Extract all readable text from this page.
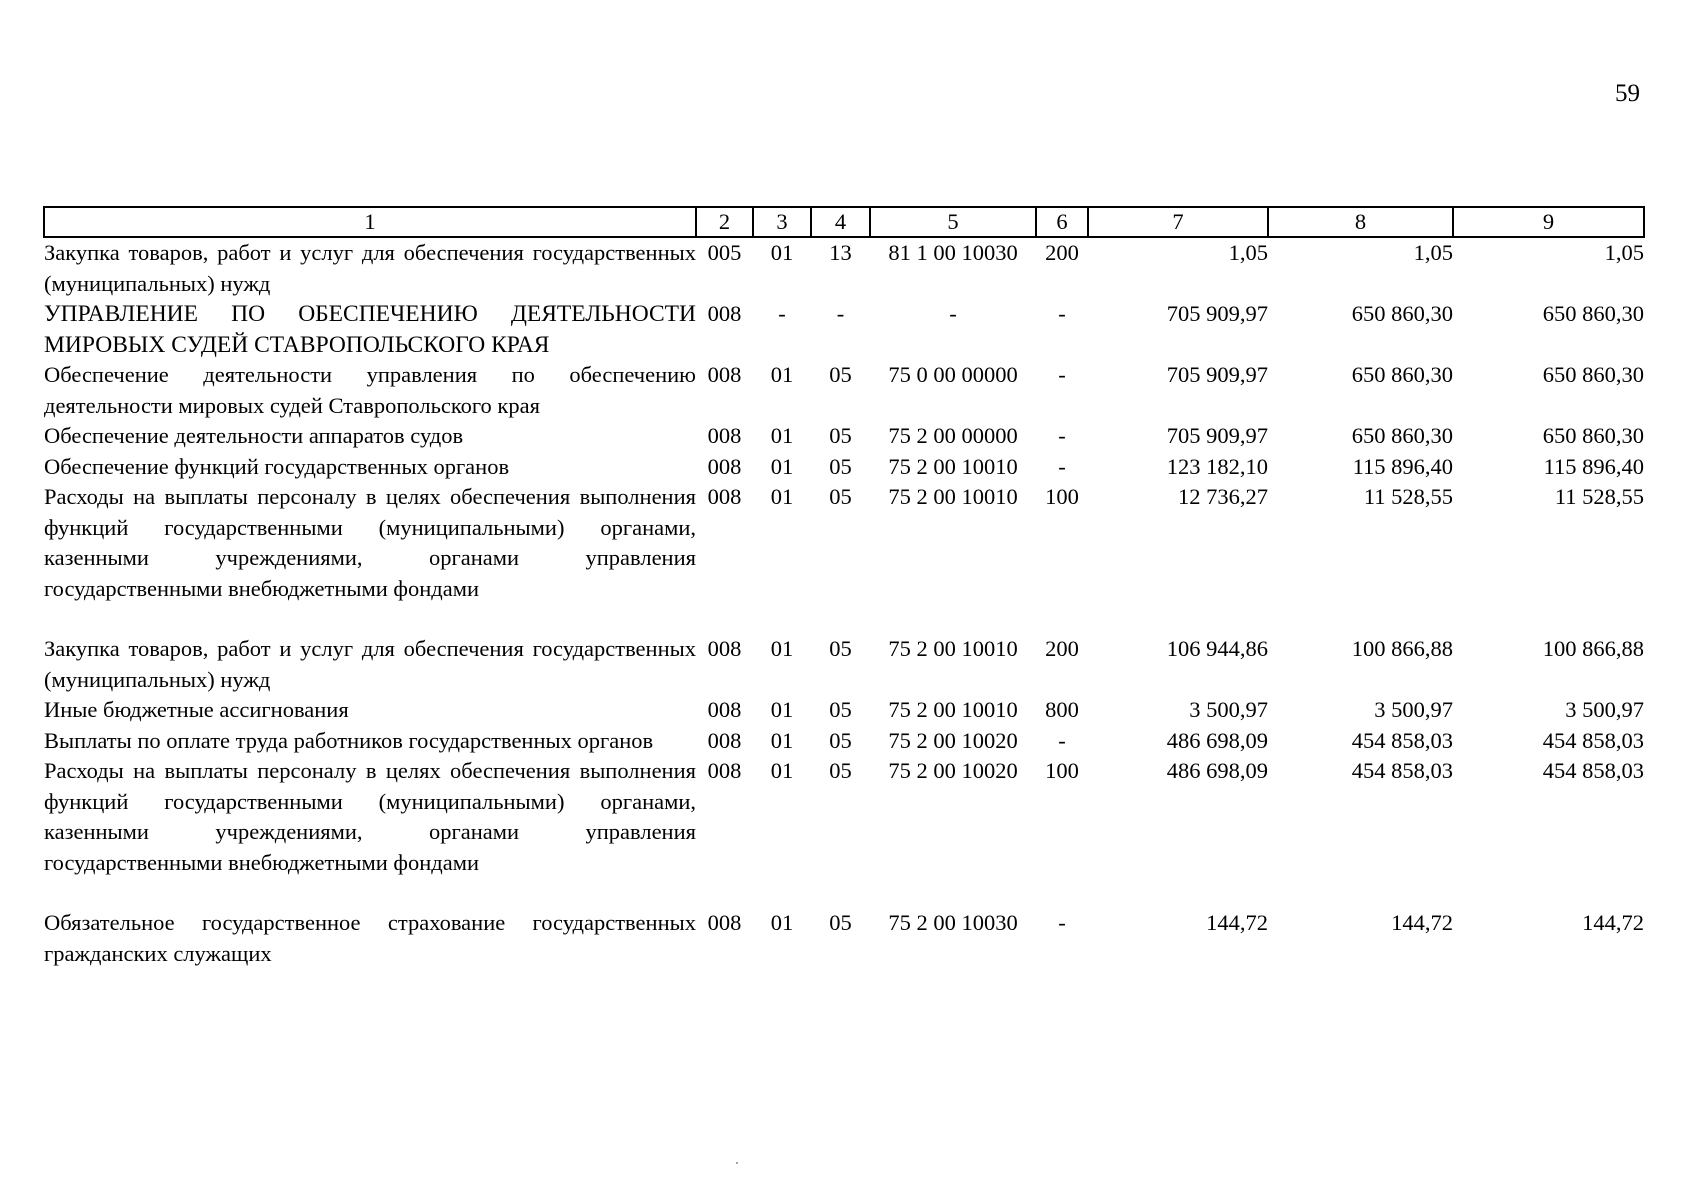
59
1	2	3	4	5	6	7	8	9
Закупка товаров, работ и услуг для обеспечения государственных (муниципальных) нужд	005	01	13	81 1 00 10030	200	1,05	1,05	1,05
УПРАВЛЕНИЕ ПО ОБЕСПЕЧЕНИЮ ДЕЯТЕЛЬНОСТИ МИРОВЫХ СУДЕЙ СТАВРОПОЛЬСКОГО КРАЯ	008	-	-	-	-	705 909,97	650 860,30	650 860,30
Обеспечение деятельности управления по обеспечению деятельности мировых судей Ставропольского края	008	01	05	75 0 00 00000	-	705 909,97	650 860,30	650 860,30
Обеспечение деятельности аппаратов судов	008	01	05	75 2 00 00000	-	705 909,97	650 860,30	650 860,30
Обеспечение функций государственных органов	008	01	05	75 2 00 10010	-	123 182,10	115 896,40	115 896,40
Расходы на выплаты персоналу в целях обеспечения выполнения функций государственными (муниципальными) органами, казенными учреждениями, органами управления государственными внебюджетными фондами	008	01	05	75 2 00 10010	100	12 736,27	11 528,55	11 528,55

Закупка товаров, работ и услуг для обеспечения государственных (муниципальных) нужд	008	01	05	75 2 00 10010	200	106 944,86	100 866,88	100 866,88
Иные бюджетные ассигнования	008	01	05	75 2 00 10010	800	3 500,97	3 500,97	3 500,97
Выплаты по оплате труда работников государственных органов	008	01	05	75 2 00 10020	-	486 698,09	454 858,03	454 858,03
Расходы на выплаты персоналу в целях обеспечения выполнения функций государственными (муниципальными) органами, казенными учреждениями, органами управления государственными внебюджетными фондами	008	01	05	75 2 00 10020	100	486 698,09	454 858,03	454 858,03

Обязательное государственное страхование государственных гражданских служащих	008	01	05	75 2 00 10030	-	144,72	144,72	144,72
